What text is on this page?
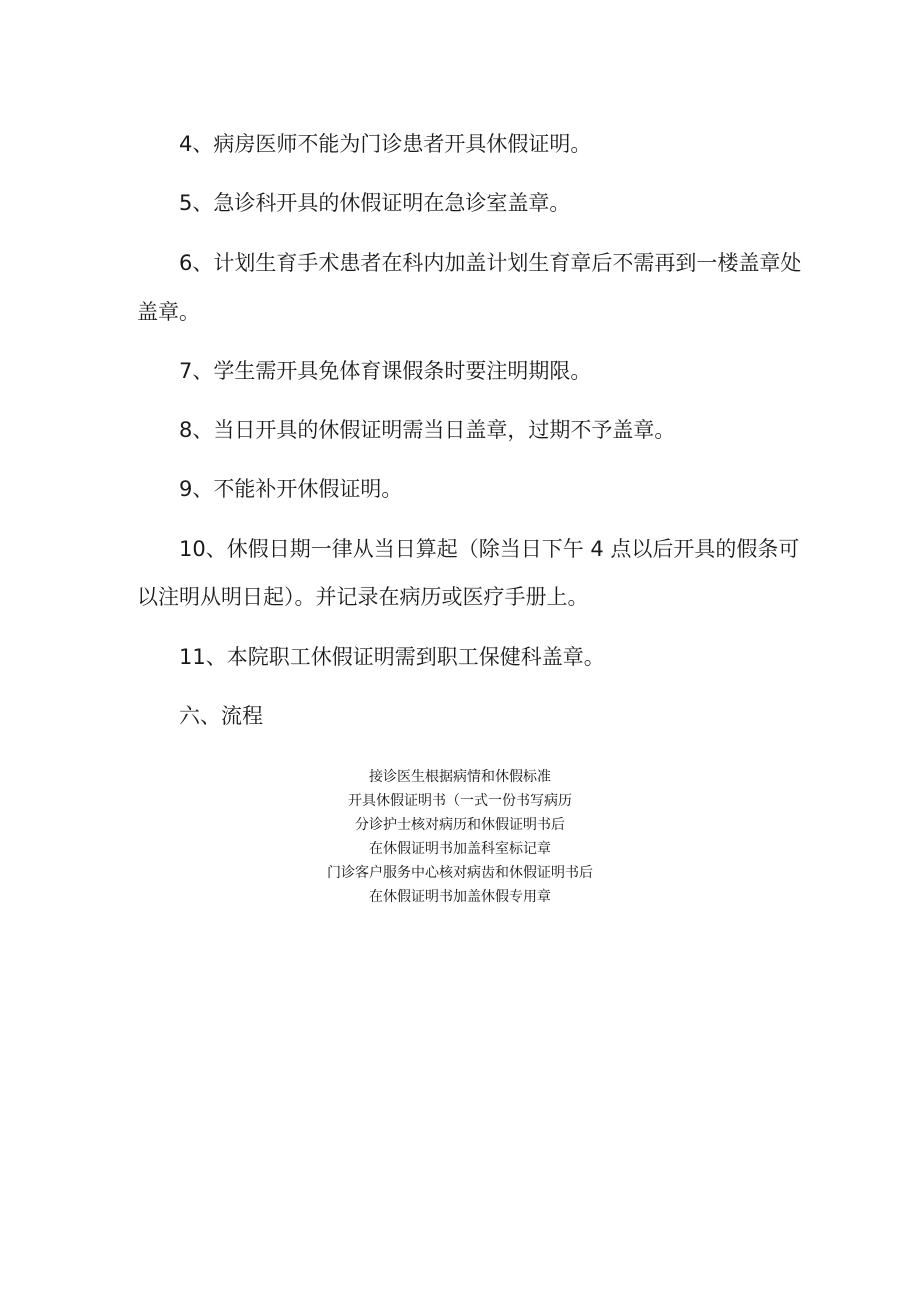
4、病房医师不能为门诊患者开具休假证明。
5、急诊科开具的休假证明在急诊室盖章。
6、计划生育手术患者在科内加盖计划生育章后不需再到一楼盖章处
盖章。
7、学生需开具免体育课假条时要注明期限。
8、当日开具的休假证明需当日盖章，过期不予盖章。
9、不能补开休假证明。
10、休假日期一律从当日算起（除当日下午 4 点以后开具的假条可
以注明从明日起）。并记录在病历或医疗手册上。
11、本院职工休假证明需到职工保健科盖章。
六、流程
接诊医生根据病情和休假标准
开具休假证明书（一式一份书写病历
分诊护士核对病历和休假证明书后
在休假证明书加盖科室标记章
门诊客户服务中心核对病齿和休假证明书后
在休假证明书加盖休假专用章
